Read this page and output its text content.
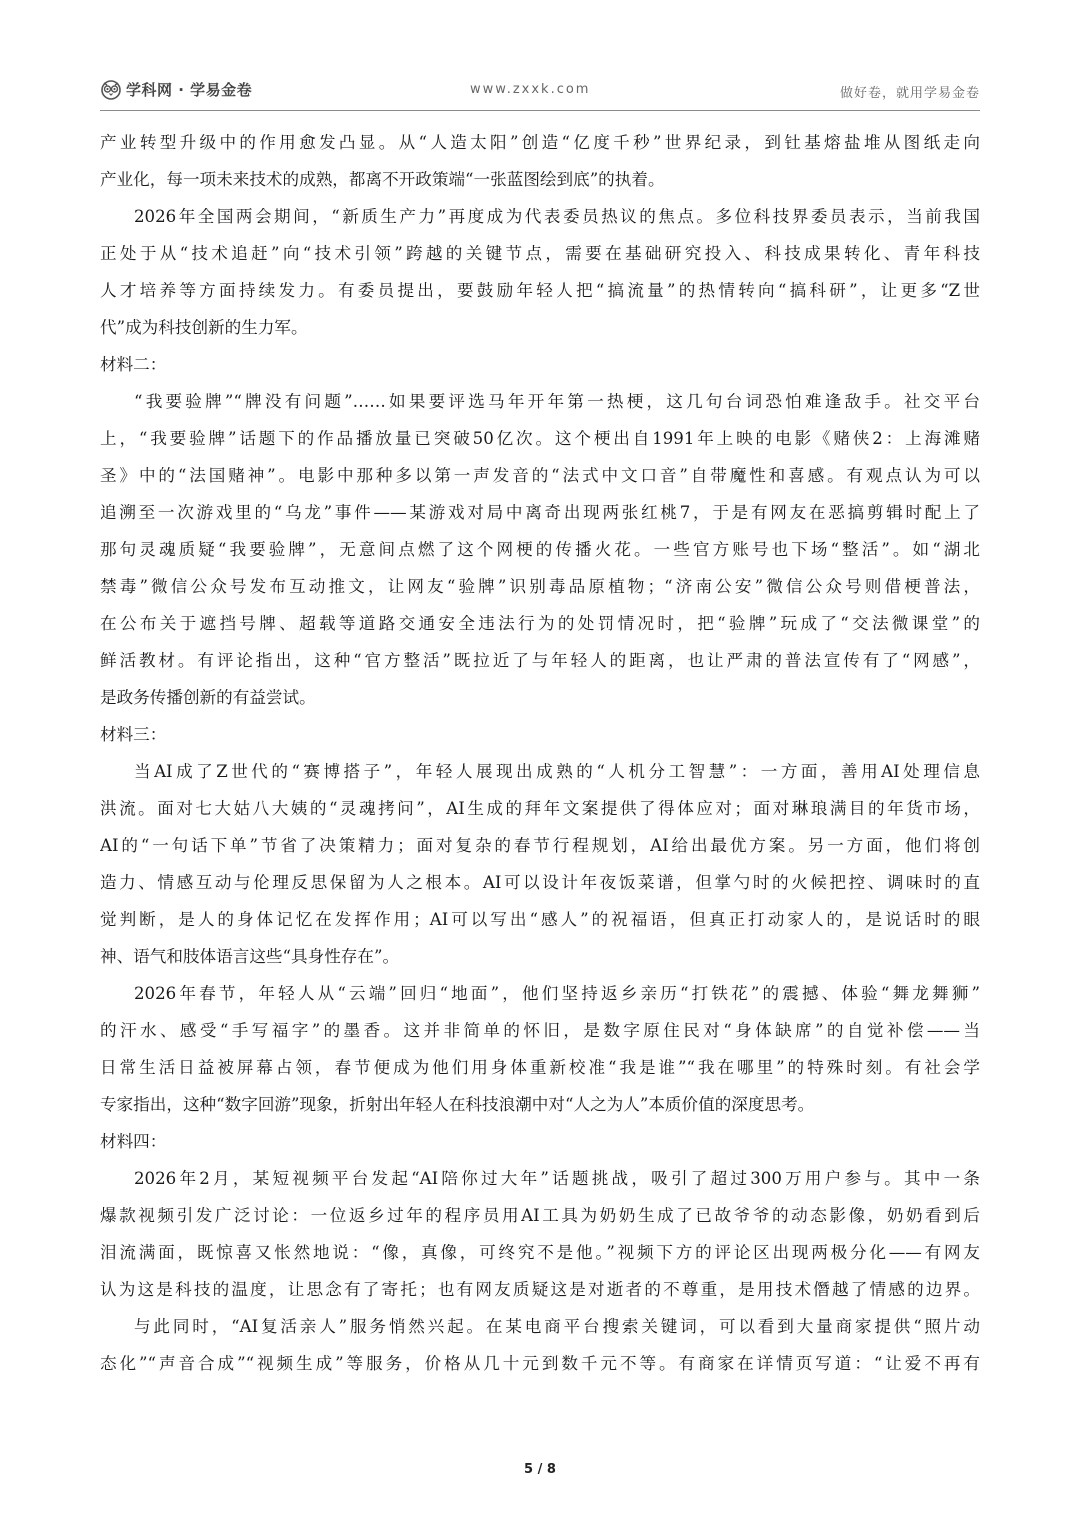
学科网 · 学易金卷	www.zxxk.com	做好卷，就用学易金卷
产业转型升级中的作用愈发凸显。从“人造太阳”创造“亿度千秒”世界纪录，到钍基熔盐堆从图纸走向
产业化，每一项未来技术的成熟，都离不开政策端“一张蓝图绘到底”的执着。
2026年全国两会期间，“新质生产力”再度成为代表委员热议的焦点。多位科技界委员表示，当前我国
正处于从“技术追赶”向“技术引领”跨越的关键节点，需要在基础研究投入、科技成果转化、青年科技
人才培养等方面持续发力。有委员提出，要鼓励年轻人把“搞流量”的热情转向“搞科研”，让更多“Z世
代”成为科技创新的生力军。
材料二：
“我要验牌”“牌没有问题”……如果要评选马年开年第一热梗，这几句台词恐怕难逢敌手。社交平台
上，“我要验牌”话题下的作品播放量已突破50亿次。这个梗出自1991年上映的电影《赌侠2：上海滩赌
圣》中的“法国赌神”。电影中那种多以第一声发音的“法式中文口音”自带魔性和喜感。有观点认为可以
追溯至一次游戏里的“乌龙”事件——某游戏对局中离奇出现两张红桃7，于是有网友在恶搞剪辑时配上了
那句灵魂质疑“我要验牌”，无意间点燃了这个网梗的传播火花。一些官方账号也下场“整活”。如“湖北
禁毒”微信公众号发布互动推文，让网友“验牌”识别毒品原植物；“济南公安”微信公众号则借梗普法，
在公布关于遮挡号牌、超载等道路交通安全违法行为的处罚情况时，把“验牌”玩成了“交法微课堂”的
鲜活教材。有评论指出，这种“官方整活”既拉近了与年轻人的距离，也让严肃的普法宣传有了“网感”，
是政务传播创新的有益尝试。
材料三：
当AI成了Z世代的“赛博搭子”，年轻人展现出成熟的“人机分工智慧”：一方面，善用AI处理信息
洪流。面对七大姑八大姨的“灵魂拷问”，AI生成的拜年文案提供了得体应对；面对琳琅满目的年货市场，
AI的“一句话下单”节省了决策精力；面对复杂的春节行程规划，AI给出最优方案。另一方面，他们将创
造力、情感互动与伦理反思保留为人之根本。AI可以设计年夜饭菜谱，但掌勺时的火候把控、调味时的直
觉判断，是人的身体记忆在发挥作用；AI可以写出“感人”的祝福语，但真正打动家人的，是说话时的眼
神、语气和肢体语言这些“具身性存在”。
2026年春节，年轻人从“云端”回归“地面”，他们坚持返乡亲历“打铁花”的震撼、体验“舞龙舞狮”
的汗水、感受“手写福字”的墨香。这并非简单的怀旧，是数字原住民对“身体缺席”的自觉补偿——当
日常生活日益被屏幕占领，春节便成为他们用身体重新校准“我是谁”“我在哪里”的特殊时刻。有社会学
专家指出，这种“数字回游”现象，折射出年轻人在科技浪潮中对“人之为人”本质价值的深度思考。
材料四：
2026年2月，某短视频平台发起“AI陪你过大年”话题挑战，吸引了超过300万用户参与。其中一条
爆款视频引发广泛讨论：一位返乡过年的程序员用AI工具为奶奶生成了已故爷爷的动态影像，奶奶看到后
泪流满面，既惊喜又怅然地说：“像，真像，可终究不是他。”视频下方的评论区出现两极分化——有网友
认为这是科技的温度，让思念有了寄托；也有网友质疑这是对逝者的不尊重，是用技术僭越了情感的边界。
与此同时，“AI复活亲人”服务悄然兴起。在某电商平台搜索关键词，可以看到大量商家提供“照片动
态化”“声音合成”“视频生成”等服务，价格从几十元到数千元不等。有商家在详情页写道：“让爱不再有
5 / 8
